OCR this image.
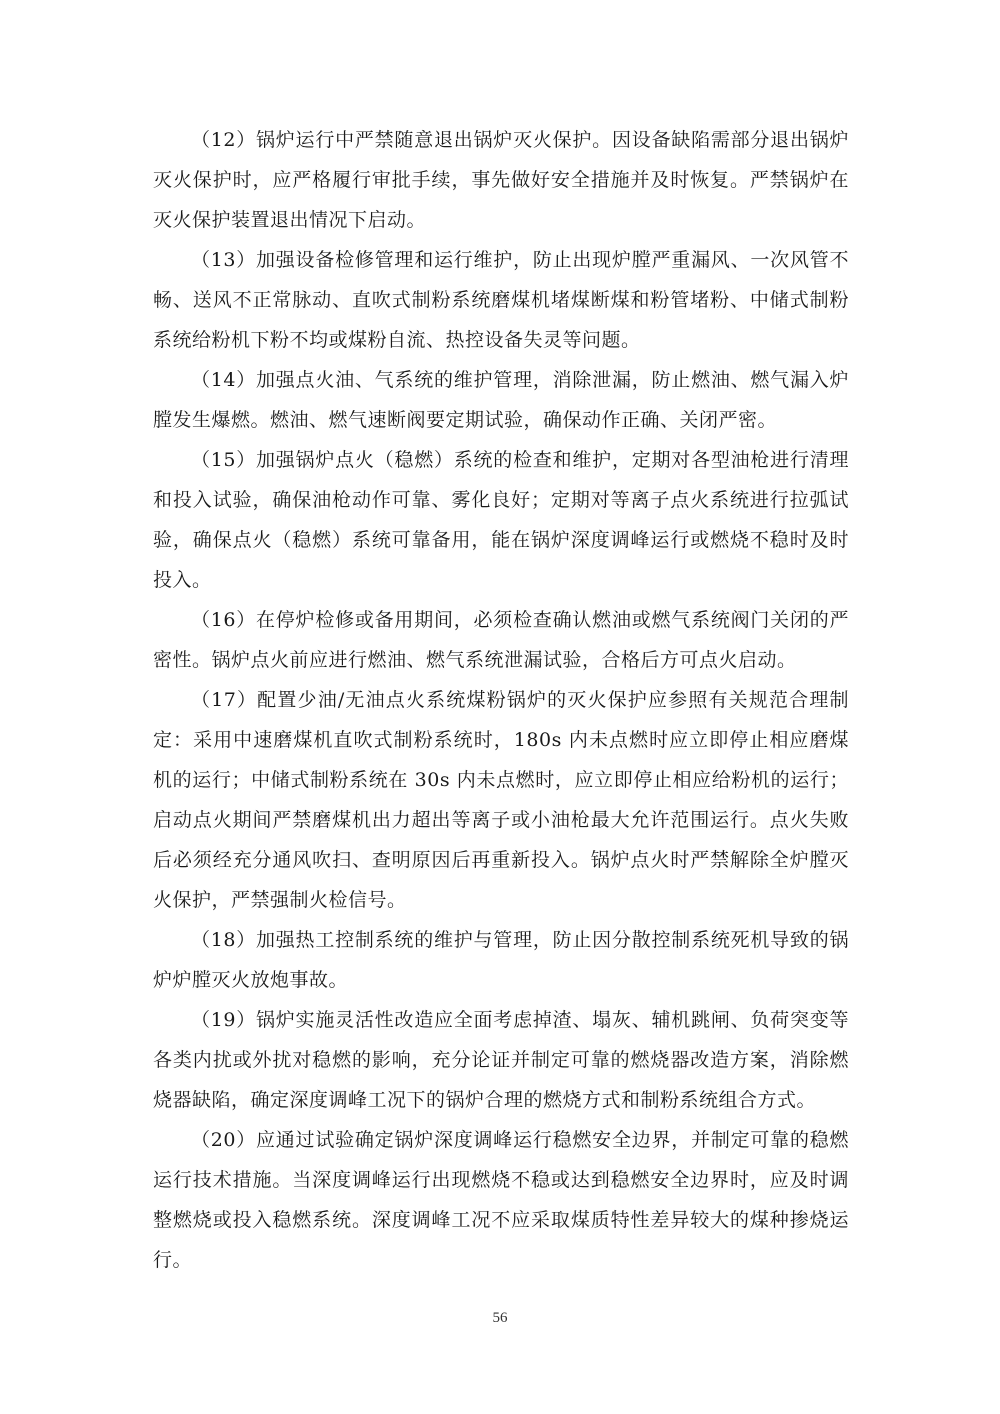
（12）锅炉运行中严禁随意退出锅炉灭火保护。因设备缺陷需部分退出锅炉
灭火保护时，应严格履行审批手续，事先做好安全措施并及时恢复。严禁锅炉在
灭火保护装置退出情况下启动。
（13）加强设备检修管理和运行维护，防止出现炉膛严重漏风、一次风管不
畅、送风不正常脉动、直吹式制粉系统磨煤机堵煤断煤和粉管堵粉、中储式制粉
系统给粉机下粉不均或煤粉自流、热控设备失灵等问题。
（14）加强点火油、气系统的维护管理，消除泄漏，防止燃油、燃气漏入炉
膛发生爆燃。燃油、燃气速断阀要定期试验，确保动作正确、关闭严密。
（15）加强锅炉点火（稳燃）系统的检查和维护，定期对各型油枪进行清理
和投入试验，确保油枪动作可靠、雾化良好；定期对等离子点火系统进行拉弧试
验，确保点火（稳燃）系统可靠备用，能在锅炉深度调峰运行或燃烧不稳时及时
投入。
（16）在停炉检修或备用期间，必须检查确认燃油或燃气系统阀门关闭的严
密性。锅炉点火前应进行燃油、燃气系统泄漏试验，合格后方可点火启动。
（17）配置少油/无油点火系统煤粉锅炉的灭火保护应参照有关规范合理制
定：采用中速磨煤机直吹式制粉系统时，180s 内未点燃时应立即停止相应磨煤
机的运行；中储式制粉系统在 30s 内未点燃时，应立即停止相应给粉机的运行；
启动点火期间严禁磨煤机出力超出等离子或小油枪最大允许范围运行。点火失败
后必须经充分通风吹扫、查明原因后再重新投入。锅炉点火时严禁解除全炉膛灭
火保护，严禁强制火检信号。
（18）加强热工控制系统的维护与管理，防止因分散控制系统死机导致的锅
炉炉膛灭火放炮事故。
（19）锅炉实施灵活性改造应全面考虑掉渣、塌灰、辅机跳闸、负荷突变等
各类内扰或外扰对稳燃的影响，充分论证并制定可靠的燃烧器改造方案，消除燃
烧器缺陷，确定深度调峰工况下的锅炉合理的燃烧方式和制粉系统组合方式。
（20）应通过试验确定锅炉深度调峰运行稳燃安全边界，并制定可靠的稳燃
运行技术措施。当深度调峰运行出现燃烧不稳或达到稳燃安全边界时，应及时调
整燃烧或投入稳燃系统。深度调峰工况不应采取煤质特性差异较大的煤种掺烧运
行。
56
